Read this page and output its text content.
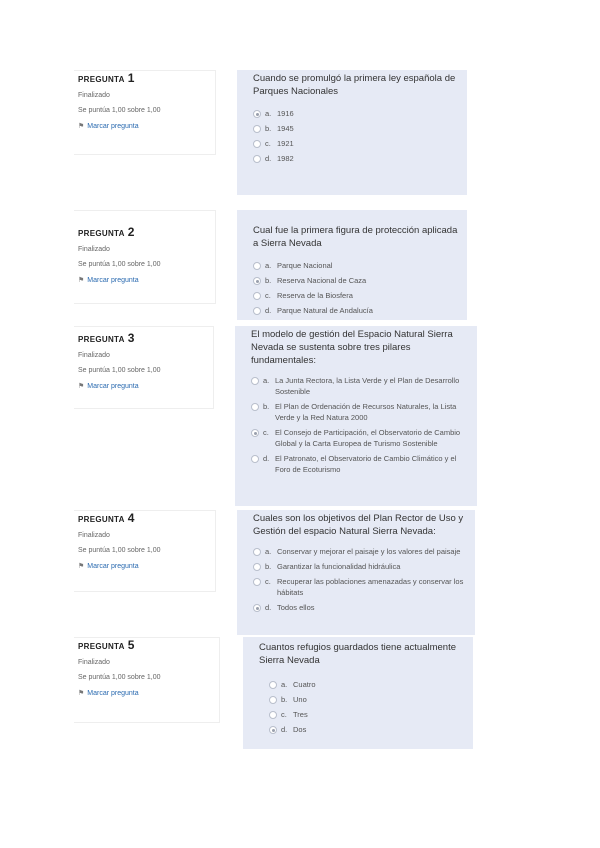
PREGUNTA 1
Finalizado
Se puntúa 1,00 sobre 1,00
⚑ Marcar pregunta
Cuando se promulgó la primera ley española de Parques Nacionales
a. 1916
b. 1945
c. 1921
d. 1982
PREGUNTA 2
Finalizado
Se puntúa 1,00 sobre 1,00
⚑ Marcar pregunta
Cual fue la primera figura de protección aplicada a Sierra Nevada
a. Parque Nacional
b. Reserva Nacional de Caza
c. Reserva de la Biosfera
d. Parque Natural de Andalucía
PREGUNTA 3
Finalizado
Se puntúa 1,00 sobre 1,00
⚑ Marcar pregunta
El modelo de gestión del Espacio Natural Sierra Nevada se sustenta sobre tres pilares fundamentales:
a. La Junta Rectora, la Lista Verde y el Plan de Desarrollo Sostenible
b. El Plan de Ordenación de Recursos Naturales, la Lista Verde y la Red Natura 2000
c. El Consejo de Participación, el Observatorio de Cambio Global y la Carta Europea de Turismo Sostenible
d. El Patronato, el Observatorio de Cambio Climático y el Foro de Ecoturismo
PREGUNTA 4
Finalizado
Se puntúa 1,00 sobre 1,00
⚑ Marcar pregunta
Cuales son los objetivos del Plan Rector de Uso y Gestión del espacio Natural Sierra Nevada:
a. Conservar y mejorar el paisaje y los valores del paisaje
b. Garantizar la funcionalidad hidráulica
c. Recuperar las poblaciones amenazadas y conservar los hábitats
d. Todos ellos
PREGUNTA 5
Finalizado
Se puntúa 1,00 sobre 1,00
⚑ Marcar pregunta
Cuantos refugios guardados tiene actualmente Sierra Nevada
a. Cuatro
b. Uno
c. Tres
d. Dos
